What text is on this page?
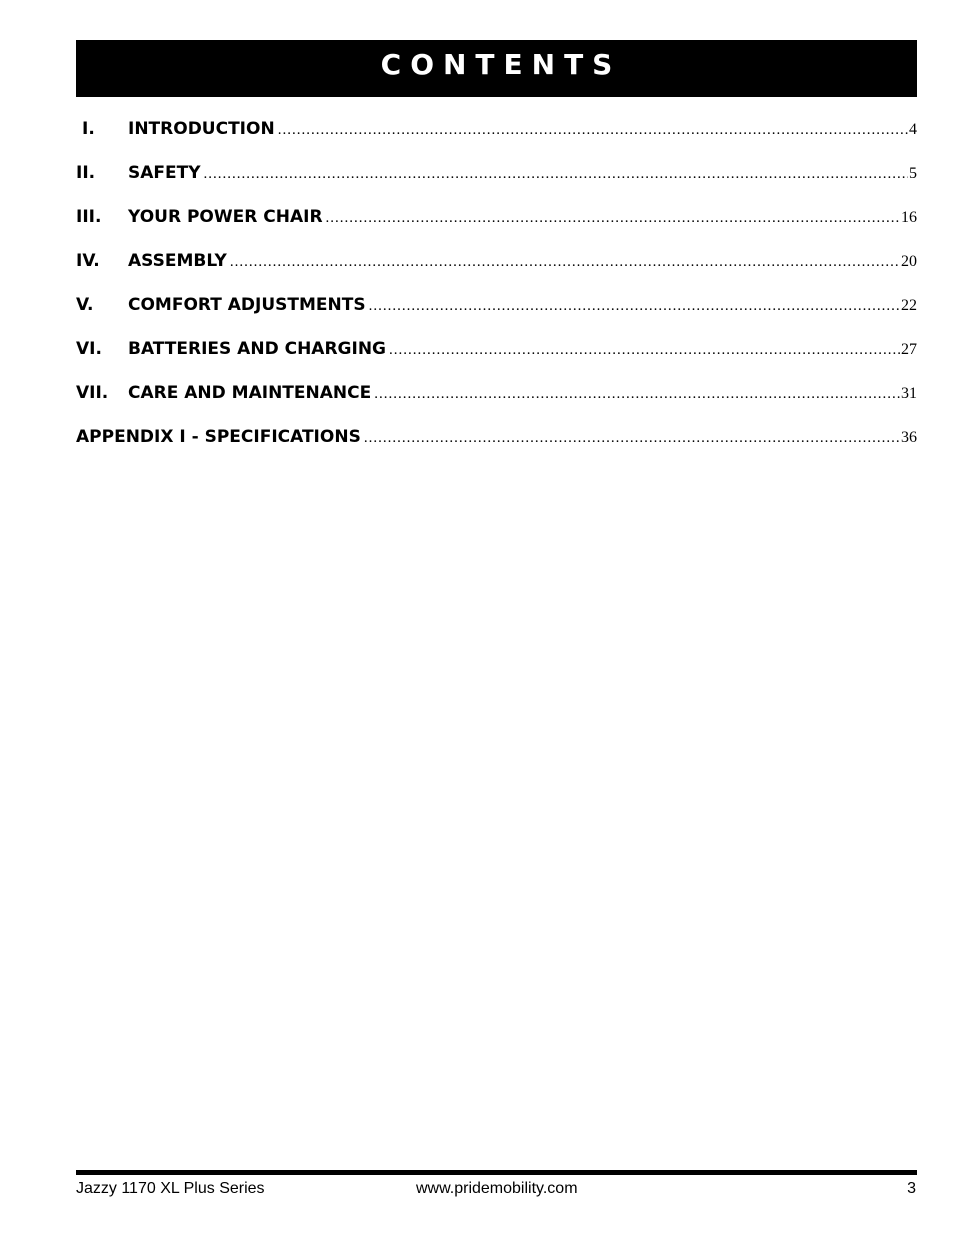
CONTENTS
I.	INTRODUCTION .....	4
II.	SAFETY .....	5
III.	YOUR POWER CHAIR .....	16
IV.	ASSEMBLY .....	20
V.	COMFORT ADJUSTMENTS .....	22
VI.	BATTERIES AND CHARGING .....	27
VII.	CARE AND MAINTENANCE .....	31
APPENDIX I - SPECIFICATIONS .....	36
Jazzy 1170 XL Plus Series	www.pridemobility.com	3
